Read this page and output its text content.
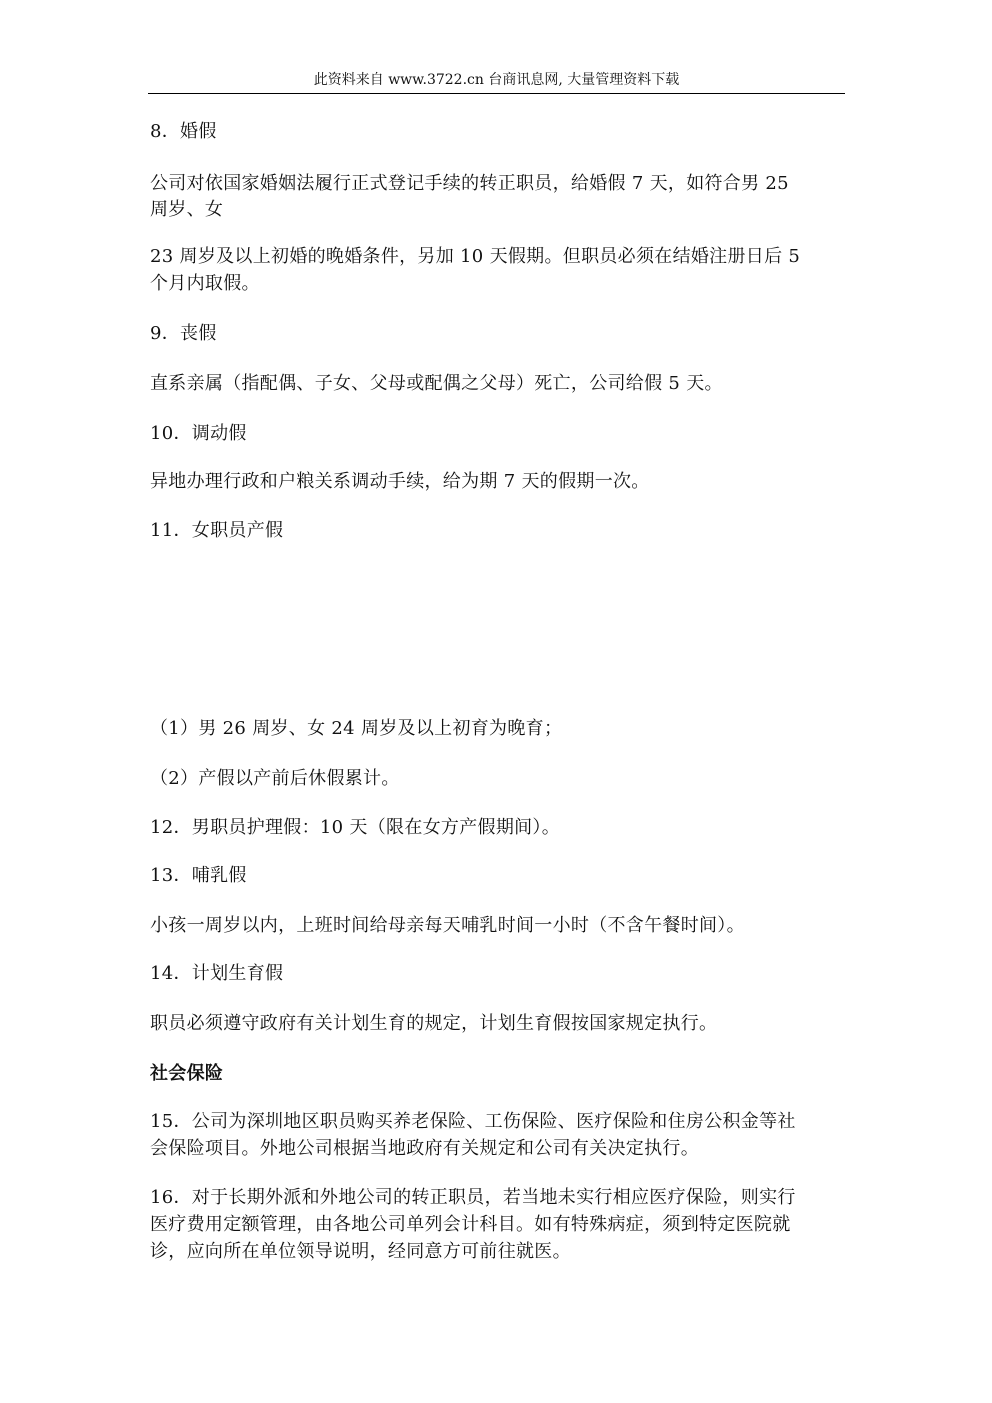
此资料来自 www.3722.cn 台商讯息网, 大量管理资料下载
8．婚假
公司对依国家婚姻法履行正式登记手续的转正职员，给婚假 7 天，如符合男 25
周岁、女
23 周岁及以上初婚的晚婚条件，另加 10 天假期。但职员必须在结婚注册日后 5
个月内取假。
9．丧假
直系亲属（指配偶、子女、父母或配偶之父母）死亡，公司给假 5 天。
10．调动假
异地办理行政和户粮关系调动手续，给为期 7 天的假期一次。
11．女职员产假
（1）男 26 周岁、女 24 周岁及以上初育为晚育；
（2）产假以产前后休假累计。
12．男职员护理假：10 天（限在女方产假期间）。
13．哺乳假
小孩一周岁以内，上班时间给母亲每天哺乳时间一小时（不含午餐时间）。
14．计划生育假
职员必须遵守政府有关计划生育的规定，计划生育假按国家规定执行。
社会保险
15．公司为深圳地区职员购买养老保险、工伤保险、医疗保险和住房公积金等社
会保险项目。外地公司根据当地政府有关规定和公司有关决定执行。
16．对于长期外派和外地公司的转正职员，若当地未实行相应医疗保险，则实行
医疗费用定额管理，由各地公司单列会计科目。如有特殊病症，须到特定医院就
诊，应向所在单位领导说明，经同意方可前往就医。
